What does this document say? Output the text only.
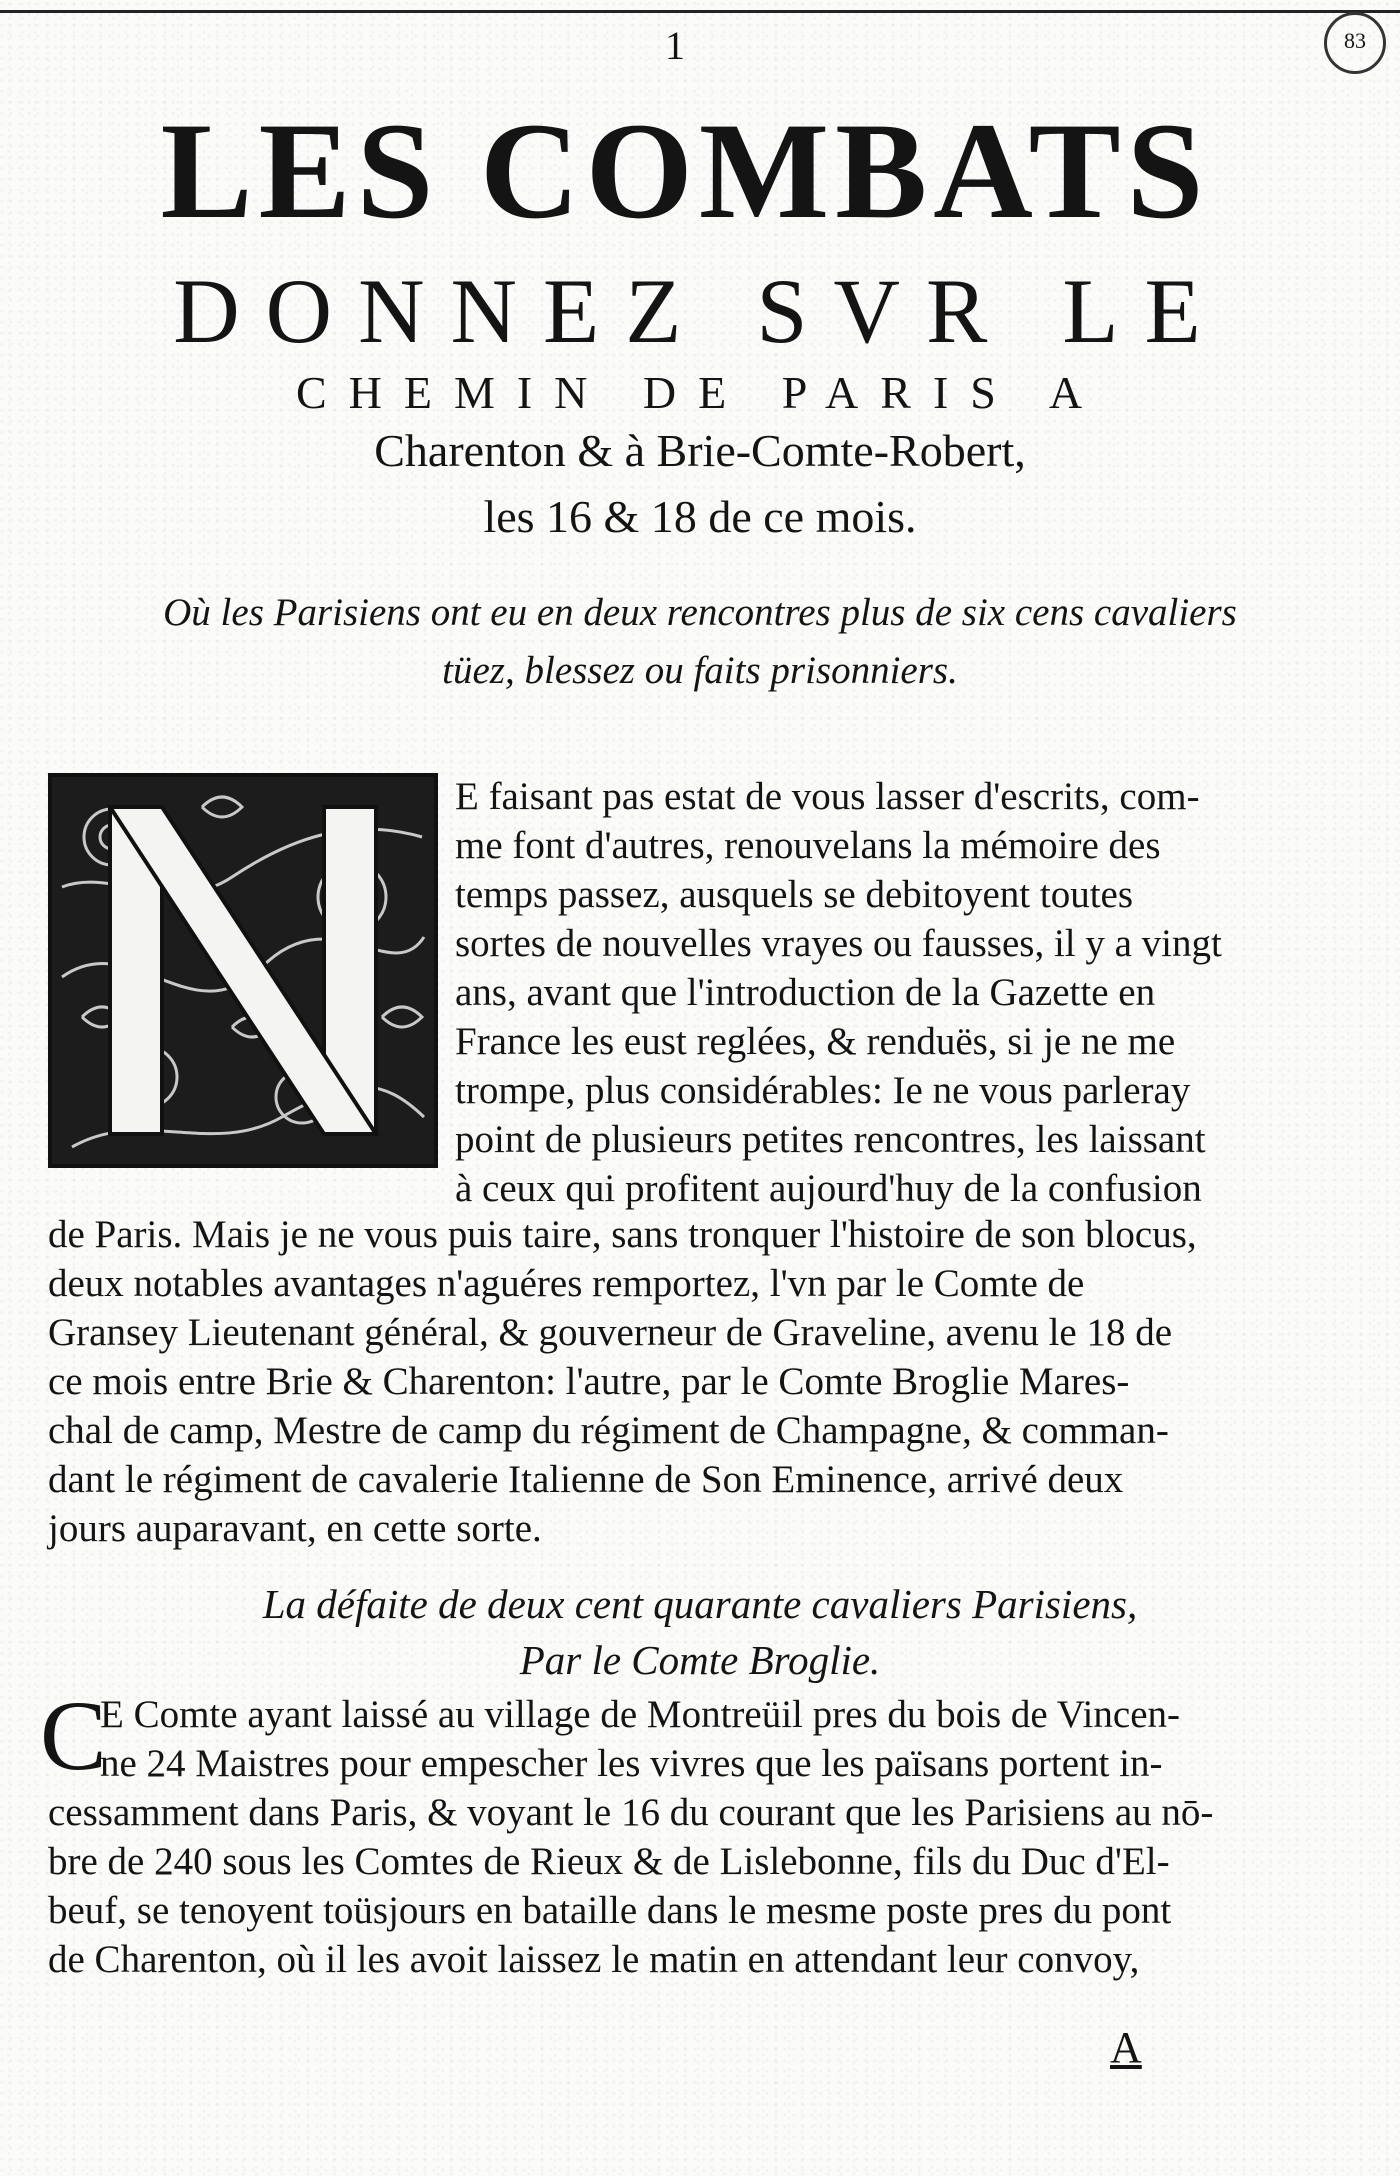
1	83
LES COMBATS
DONNEZ SVR LE
CHEMIN DE PARIS A
Charenton & à Brie-Comte-Robert,
les 16 & 18 de ce mois.
Où les Parisiens ont eu en deux rencontres plus de six cens cavaliers
tüez, blessez ou faits prisonniers.
N
E faisant pas estat de vous lasser d'escrits, com-
me font d'autres, renouvelans la mémoire des
temps passez, ausquels se debitoyent toutes
sortes de nouvelles vrayes ou fausses, il y a vingt
ans, avant que l'introduction de la Gazette en
France les eust reglées, & renduës, si je ne me
trompe, plus considérables: Ie ne vous parleray
point de plusieurs petites rencontres, les laissant
à ceux qui profitent aujourd'huy de la confusion
de Paris. Mais je ne vous puis taire, sans tronquer l'histoire de son blocus,
deux notables avantages n'aguéres remportez, l'vn par le Comte de
Gransey Lieutenant général, & gouverneur de Graveline, avenu le 18 de
ce mois entre Brie & Charenton: l'autre, par le Comte Broglie Mares-
chal de camp, Mestre de camp du régiment de Champagne, & comman-
dant le régiment de cavalerie Italienne de Son Eminence, arrivé deux
jours auparavant, en cette sorte.
La défaite de deux cent quarante cavaliers Parisiens,
Par le Comte Broglie.
C
E Comte ayant laissé au village de Montreüil pres du bois de Vincen-
ne 24 Maistres pour empescher les vivres que les païsans portent in-
cessamment dans Paris, & voyant le 16 du courant que les Parisiens au nō-
bre de 240 sous les Comtes de Rieux & de Lislebonne, fils du Duc d'El-
beuf, se tenoyent toüsjours en bataille dans le mesme poste pres du pont
de Charenton, où il les avoit laissez le matin en attendant leur convoy,
A
